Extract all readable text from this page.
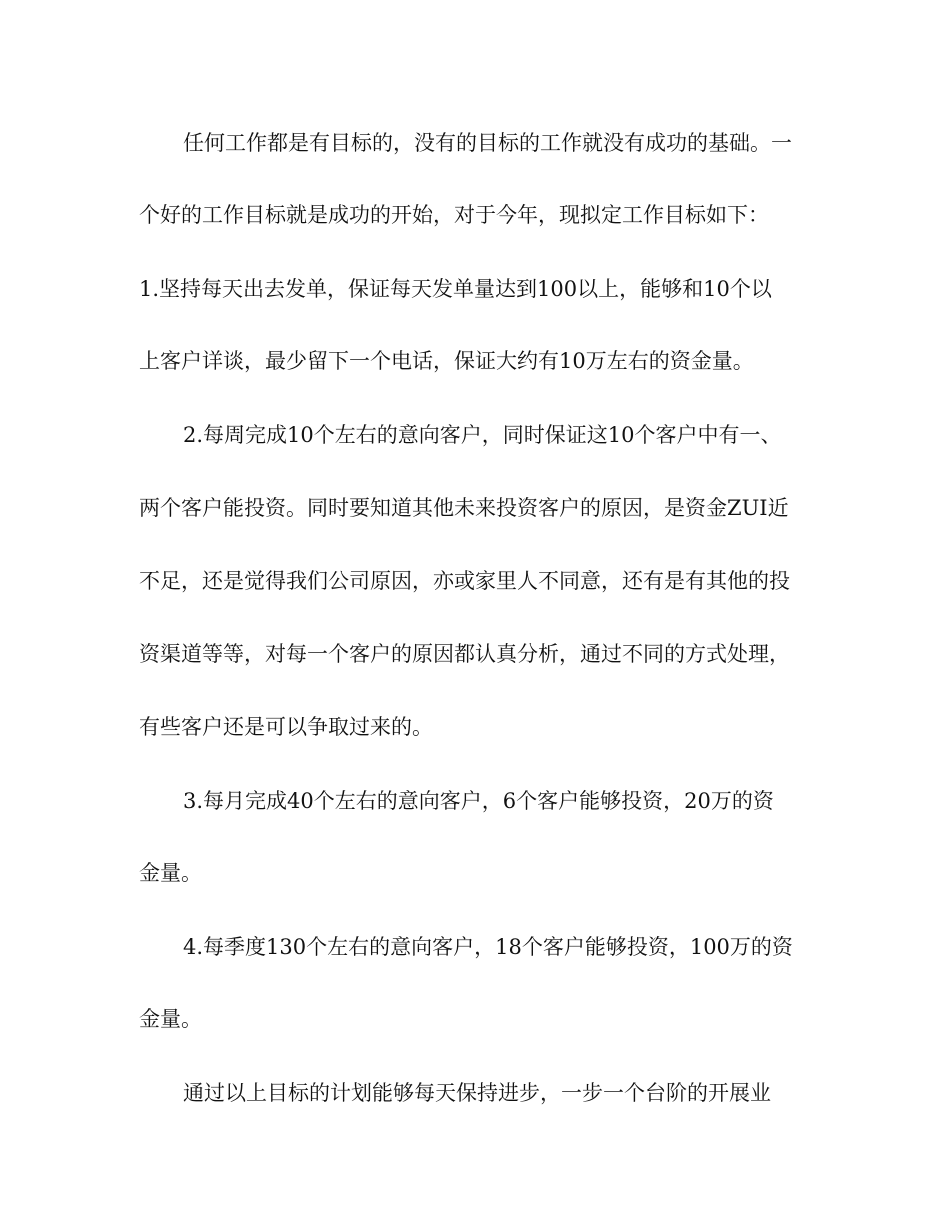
任何工作都是有目标的，没有的目标的工作就没有成功的基础。一
个好的工作目标就是成功的开始，对于今年，现拟定工作目标如下：
1.坚持每天出去发单，保证每天发单量达到100以上，能够和10个以
上客户详谈，最少留下一个电话，保证大约有10万左右的资金量。
2.每周完成10个左右的意向客户，同时保证这10个客户中有一、
两个客户能投资。同时要知道其他未来投资客户的原因，是资金ZUI近
不足，还是觉得我们公司原因，亦或家里人不同意，还有是有其他的投
资渠道等等，对每一个客户的原因都认真分析，通过不同的方式处理，
有些客户还是可以争取过来的。
3.每月完成40个左右的意向客户，6个客户能够投资，20万的资
金量。
4.每季度130个左右的意向客户，18个客户能够投资，100万的资
金量。
通过以上目标的计划能够每天保持进步，一步一个台阶的开展业
